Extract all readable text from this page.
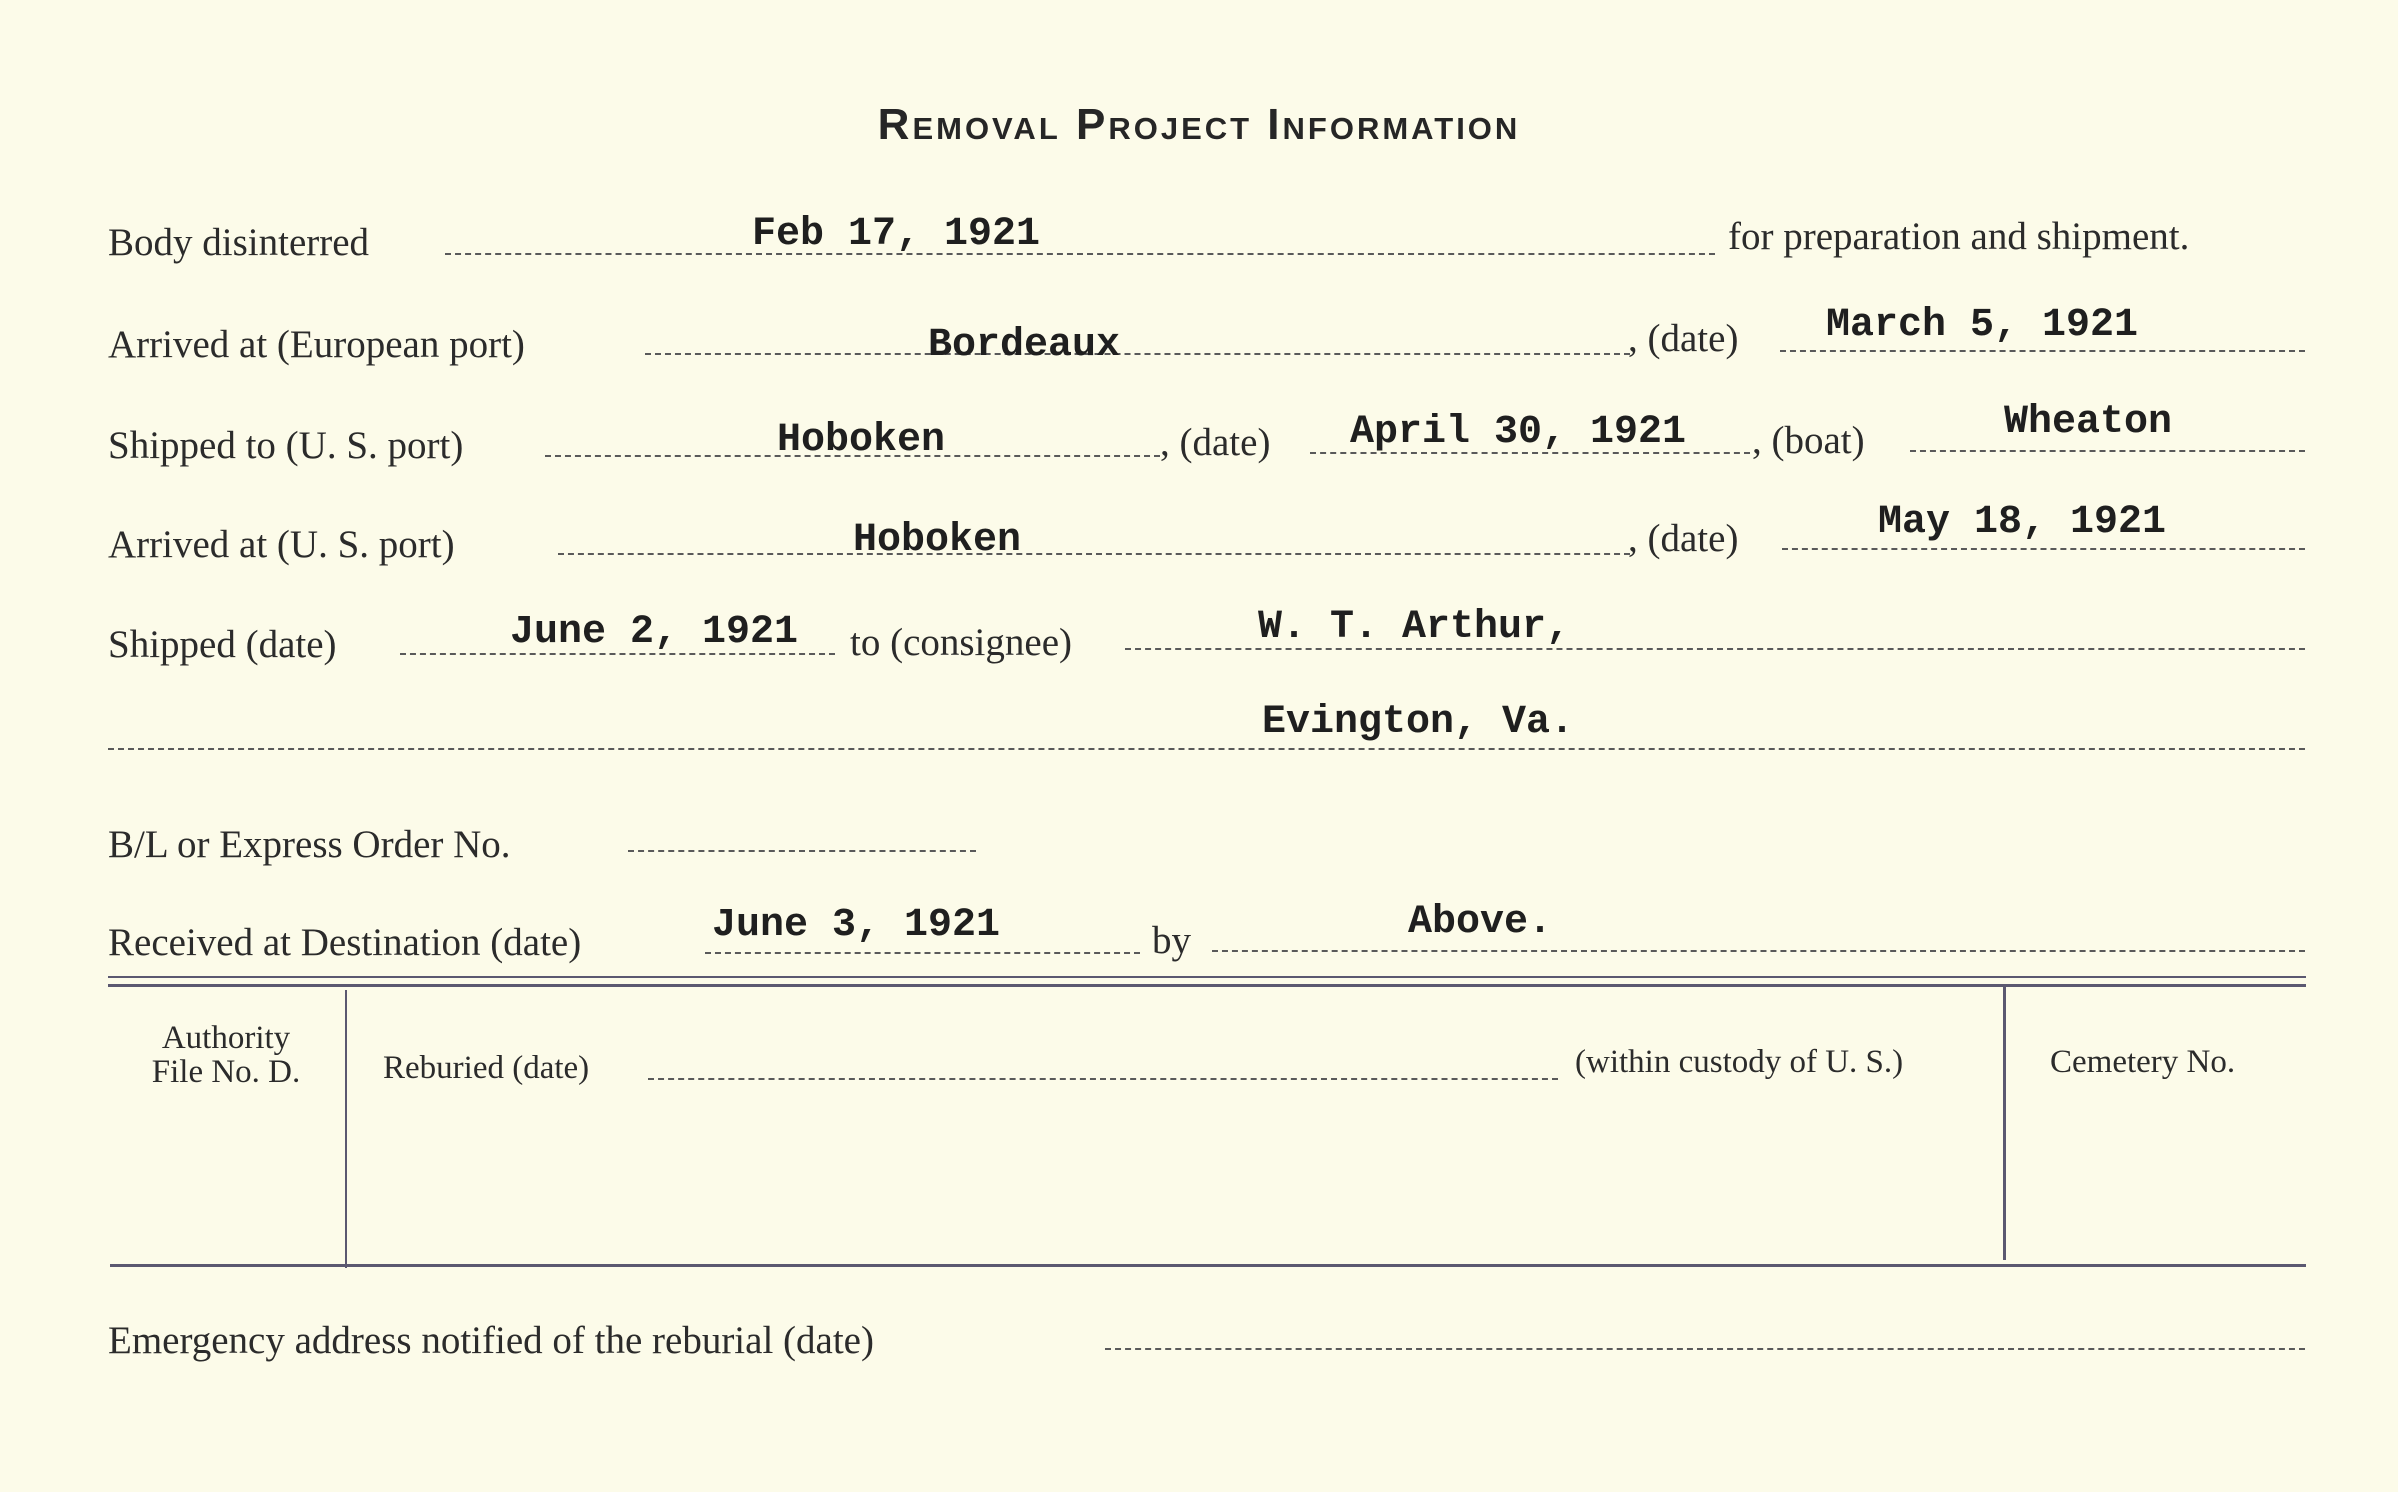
Removal Project Information
Body disinterred	Feb 17, 1921	for preparation and shipment.
Arrived at (European port)	Bordeaux	, (date) March 5, 1921
Shipped to (U. S. port)	Hoboken	, (date) April 30, 1921 , (boat)	Wheaton
Arrived at (U. S. port)	Hoboken	, (date)	May 18, 1921
Shipped (date)	June 2, 1921 to (consignee)	W. T. Arthur,
Evington, Va.
B/L or Express Order No.
Received at Destination (date)	June 3, 1921	by	Above.
Authority
File No. D.	Reburied (date)	(within custody of U. S.)	Cemetery No.
Emergency address notified of the reburial (date)
